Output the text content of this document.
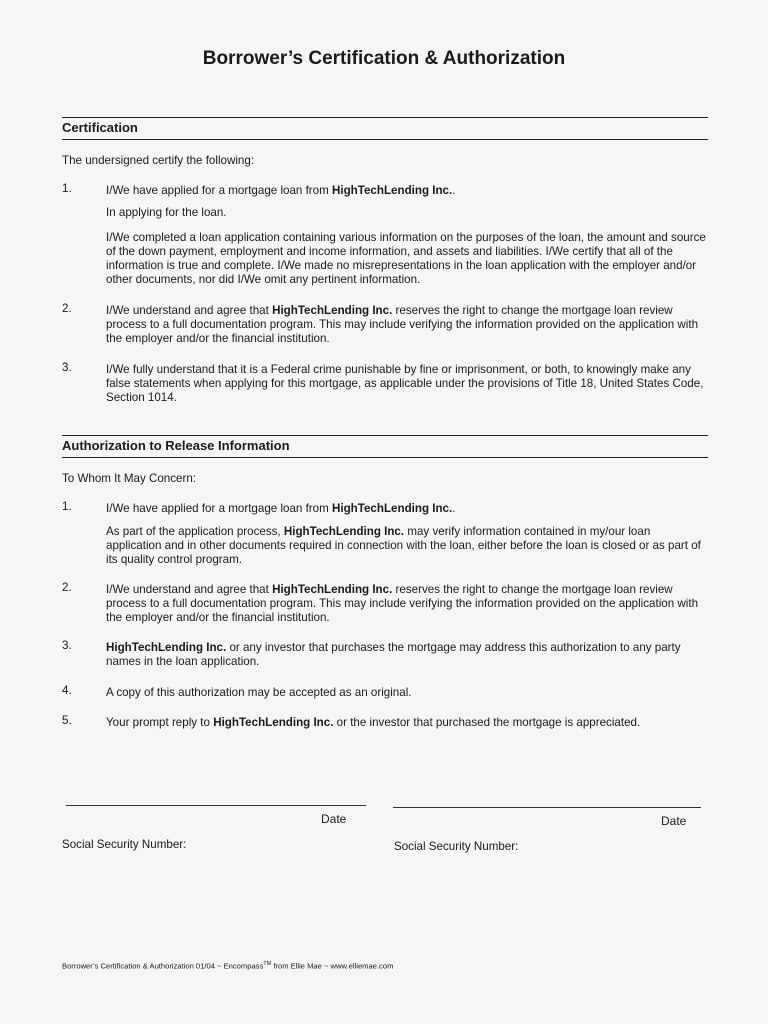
Borrower’s Certification & Authorization
Certification
The undersigned certify the following:
1.	I/We have applied for a mortgage loan from HighTechLending Inc..
In applying for the loan.
I/We completed a loan application containing various information on the purposes of the loan, the amount and source of the down payment, employment and income information, and assets and liabilities. I/We certify that all of the information is true and complete. I/We made no misrepresentations in the loan application with the employer and/or other documents, nor did I/We omit any pertinent information.
2.	I/We understand and agree that HighTechLending Inc. reserves the right to change the mortgage loan review process to a full documentation program. This may include verifying the information provided on the application with the employer and/or the financial institution.
3.	I/We fully understand that it is a Federal crime punishable by fine or imprisonment, or both, to knowingly make any false statements when applying for this mortgage, as applicable under the provisions of Title 18, United States Code, Section 1014.
Authorization to Release Information
To Whom It May Concern:
1.	I/We have applied for a mortgage loan from HighTechLending Inc..
As part of the application process, HighTechLending Inc. may verify information contained in my/our loan application and in other documents required in connection with the loan, either before the loan is closed or as part of its quality control program.
2.	I/We understand and agree that HighTechLending Inc. reserves the right to change the mortgage loan review process to a full documentation program. This may include verifying the information provided on the application with the employer and/or the financial institution.
3.	HighTechLending Inc. or any investor that purchases the mortgage may address this authorization to any party names in the loan application.
4.	A copy of this authorization may be accepted as an original.
5.	Your prompt reply to HighTechLending Inc. or the investor that purchased the mortgage is appreciated.
Date	Date
Social Security Number:	Social Security Number:
Borrower’s Certification & Authorization 01/04 ~ Encompass™ from Ellie Mae ~ www.elliemae.com
